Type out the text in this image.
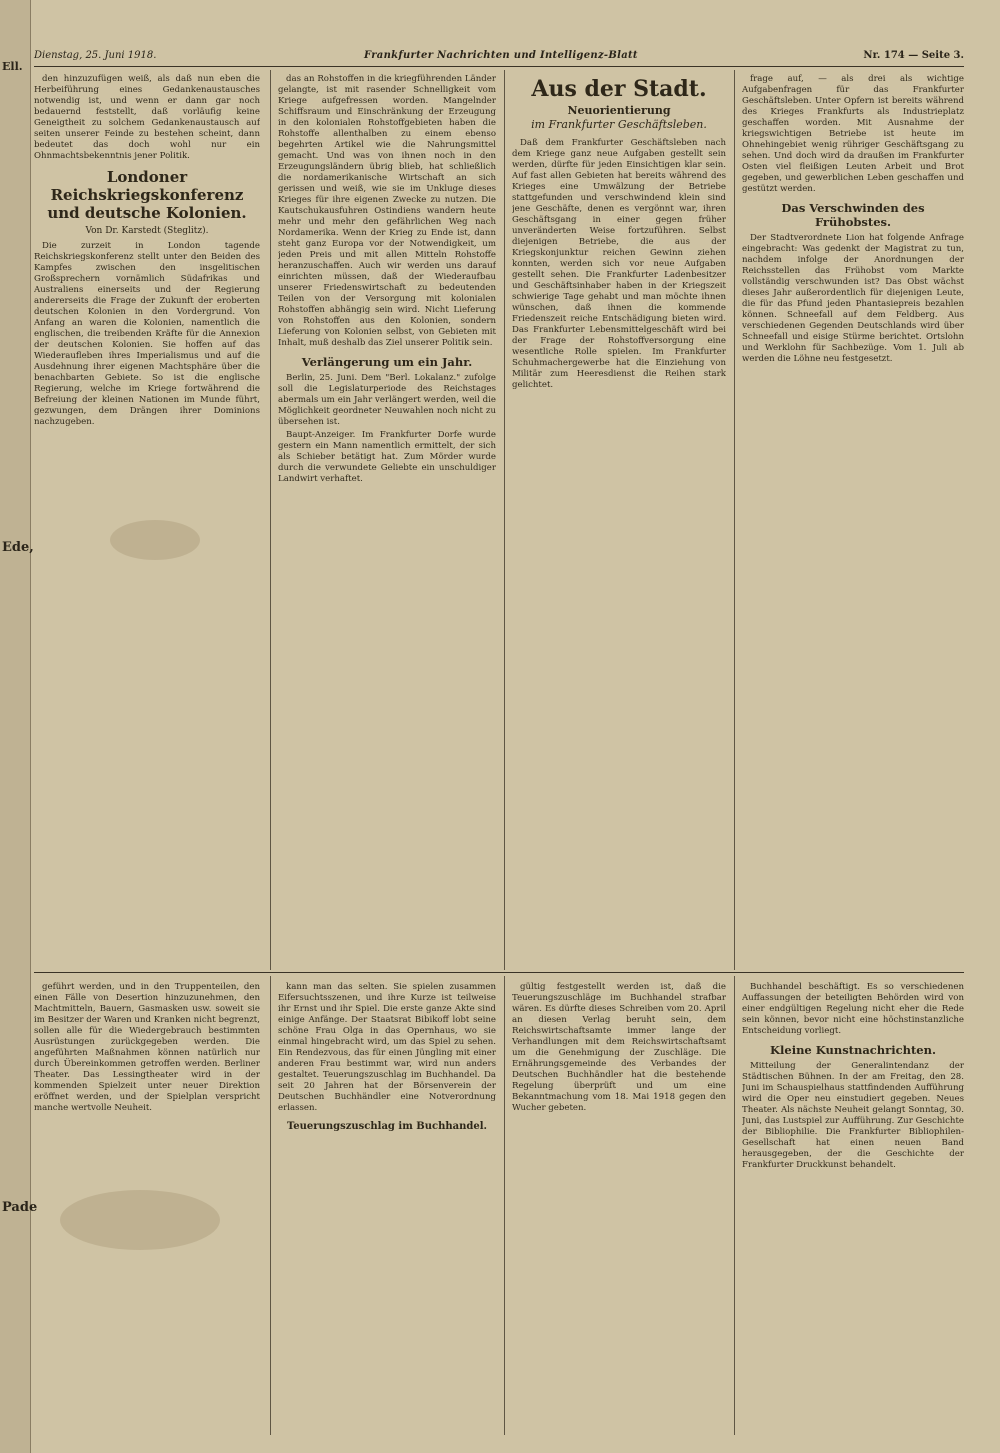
Ell.
Ede,
Pade
Dienstag, 25. Juni 1918.	Frankfurter Nachrichten und Intelligenz-Blatt	Nr. 174 — Seite 3.

den hinzuzufügen weiß, als daß nun eben die Herbeiführung eines Gedankenaustausches notwendig ist, und wenn er dann gar noch bedauernd feststellt, daß vorläufig keine Geneigtheit zu solchem Gedankenaustausch auf seiten unserer Feinde zu bestehen scheint, dann bedeutet das doch wohl nur ein Ohnmachtsbekenntnis jener Politik.

Londoner Reichskriegskonferenz und deutsche Kolonien.
Von Dr. Karstedt (Steglitz).

Die zurzeit in London tagende Reichskriegskonferenz stellt unter den Beiden des Kampfes zwischen den insgelitischen Großsprechern vornämlich Südafrikas und Australiens einerseits und der Regierung andererseits die Frage der Zukunft der eroberten deutschen Kolonien in den Vordergrund. Von Anfang an waren die Kolonien, namentlich die englischen, die treibenden Kräfte für die Annexion der deutschen Kolonien. Sie hoffen auf das Wiederaufleben ihres Imperialismus und auf die Ausdehnung ihrer eigenen Machtsphäre über die benachbarten Gebiete. So ist die englische Regierung, welche im Kriege fortwährend die Befreiung der kleinen Nationen im Munde führt, gezwungen, dem Drängen ihrer Dominions nachzugeben.

das an Rohstoffen in die kriegführenden Länder gelangte, ist mit rasender Schnelligkeit vom Kriege aufgefressen worden. Mangelnder Schiffsraum und Einschränkung der Erzeugung in den kolonialen Rohstoffgebieten haben die Rohstoffe allenthalben zu einem ebenso begehrten Artikel wie die Nahrungsmittel gemacht. Und was von ihnen noch in den Erzeugungsländern übrig blieb, hat schließlich die nordamerikanische Wirtschaft an sich gerissen und weiß, wie sie im Unkluge dieses Krieges für ihre eigenen Zwecke zu nutzen. Die Kautschukausfuhren Ostindiens wandern heute mehr und mehr den gefährlichen Weg nach Nordamerika. Wenn der Krieg zu Ende ist, dann steht ganz Europa vor der Notwendigkeit, um jeden Preis und mit allen Mitteln Rohstoffe heranzuschaffen. Auch wir werden uns darauf einrichten müssen, daß der Wiederaufbau unserer Friedenswirtschaft zu bedeutenden Teilen von der Versorgung mit kolonialen Rohstoffen abhängig sein wird. Nicht Lieferung von Rohstoffen aus den Kolonien, sondern Lieferung von Kolonien selbst, von Gebieten mit Inhalt, muß deshalb das Ziel unserer Politik sein.

Verlängerung um ein Jahr.

Berlin, 25. Juni. Dem "Berl. Lokalanz." zufolge soll die Legislaturperiode des Reichstages abermals um ein Jahr verlängert werden, weil die Möglichkeit geordneter Neuwahlen noch nicht zu übersehen ist.

Baupt-Anzeiger. Im Frankfurter Dorfe wurde gestern ein Mann namentlich ermittelt, der sich als Schieber betätigt hat. Zum Mörder wurde durch die verwundete Geliebte ein unschuldiger Landwirt verhaftet.

Aus der Stadt.
Neuorientierung
im Frankfurter Geschäftsleben.

Daß dem Frankfurter Geschäftsleben nach dem Kriege ganz neue Aufgaben gestellt sein werden, dürfte für jeden Einsichtigen klar sein. Auf fast allen Gebieten hat bereits während des Krieges eine Umwälzung der Betriebe stattgefunden und verschwindend klein sind jene Geschäfte, denen es vergönnt war, ihren Geschäftsgang in einer gegen früher unveränderten Weise fortzuführen. Selbst diejenigen Betriebe, die aus der Kriegskonjunktur reichen Gewinn ziehen konnten, werden sich vor neue Aufgaben gestellt sehen. Die Frankfurter Ladenbesitzer und Geschäftsinhaber haben in der Kriegszeit schwierige Tage gehabt und man möchte ihnen wünschen, daß ihnen die kommende Friedenszeit reiche Entschädigung bieten wird. Das Frankfurter Lebensmittelgeschäft wird bei der Frage der Rohstoffversorgung eine wesentliche Rolle spielen. Im Frankfurter Schuhmachergewerbe hat die Einziehung von Militär zum Heeresdienst die Reihen stark gelichtet.

frage auf, — als drei als wichtige Aufgabenfragen für das Frankfurter Geschäftsleben. Unter Opfern ist bereits während des Krieges Frankfurts als Industrieplatz geschaffen worden. Mit Ausnahme der kriegswichtigen Betriebe ist heute im Ohnehingebiet wenig rühriger Geschäftsgang zu sehen. Und doch wird da draußen im Frankfurter Osten viel fleißigen Leuten Arbeit und Brot gegeben, und gewerblichen Leben geschaffen und gestützt werden.

Das Verschwinden des Frühobstes.

Der Stadtverordnete Lion hat folgende Anfrage eingebracht: Was gedenkt der Magistrat zu tun, nachdem infolge der Anordnungen der Reichsstellen das Frühobst vom Markte vollständig verschwunden ist? Das Obst wächst dieses Jahr außerordentlich für diejenigen Leute, die für das Pfund jeden Phantasiepreis bezahlen können. Schneefall auf dem Feldberg. Aus verschiedenen Gegenden Deutschlands wird über Schneefall und eisige Stürme berichtet. Ortslohn und Werklohn für Sachbezüge. Vom 1. Juli ab werden die Löhne neu festgesetzt.

geführt werden, und in den Truppenteilen, den einen Fälle von Desertion hinzuzunehmen, den Machtmitteln, Bauern, Gasmasken usw. soweit sie im Besitzer der Waren und Kranken nicht begrenzt, sollen alle für die Wiedergebrauch bestimmten Ausrüstungen zurückgegeben werden. Die angeführten Maßnahmen können natürlich nur durch Übereinkommen getroffen werden. Berliner Theater. Das Lessingtheater wird in der kommenden Spielzeit unter neuer Direktion eröffnet werden, und der Spielplan verspricht manche wertvolle Neuheit.

kann man das selten. Sie spielen zusammen Eifersuchtsszenen, und ihre Kurze ist teilweise ihr Ernst und ihr Spiel. Die erste ganze Akte sind einige Anfänge. Der Staatsrat Bibikoff lobt seine schöne Frau Olga in das Opernhaus, wo sie einmal hingebracht wird, um das Spiel zu sehen. Ein Rendezvous, das für einen Jüngling mit einer anderen Frau bestimmt war, wird nun anders gestaltet. Teuerungszuschlag im Buchhandel. Da seit 20 Jahren hat der Börsenverein der Deutschen Buchhändler eine Notverordnung erlassen.

Teuerungszuschlag im Buchhandel.

gültig festgestellt werden ist, daß die Teuerungszuschläge im Buchhandel strafbar wären. Es dürfte dieses Schreiben vom 20. April an diesen Verlag beruht sein, dem Reichswirtschaftsamte immer lange der Verhandlungen mit dem Reichswirtschaftsamt um die Genehmigung der Zuschläge. Die Ernährungsgemeinde des Verbandes der Deutschen Buchhändler hat die bestehende Regelung überprüft und um eine Bekanntmachung vom 18. Mai 1918 gegen den Wucher gebeten.

Buchhandel beschäftigt. Es so verschiedenen Auffassungen der beteiligten Behörden wird von einer endgültigen Regelung nicht eher die Rede sein können, bevor nicht eine höchstinstanzliche Entscheidung vorliegt.

Kleine Kunstnachrichten.

Mitteilung der Generalintendanz der Städtischen Bühnen. In der am Freitag, den 28. Juni im Schauspielhaus stattfindenden Aufführung wird die Oper neu einstudiert gegeben. Neues Theater. Als nächste Neuheit gelangt Sonntag, 30. Juni, das Lustspiel zur Aufführung. Zur Geschichte der Bibliophilie. Die Frankfurter Bibliophilen-Gesellschaft hat einen neuen Band herausgegeben, der die Geschichte der Frankfurter Druckkunst behandelt.
